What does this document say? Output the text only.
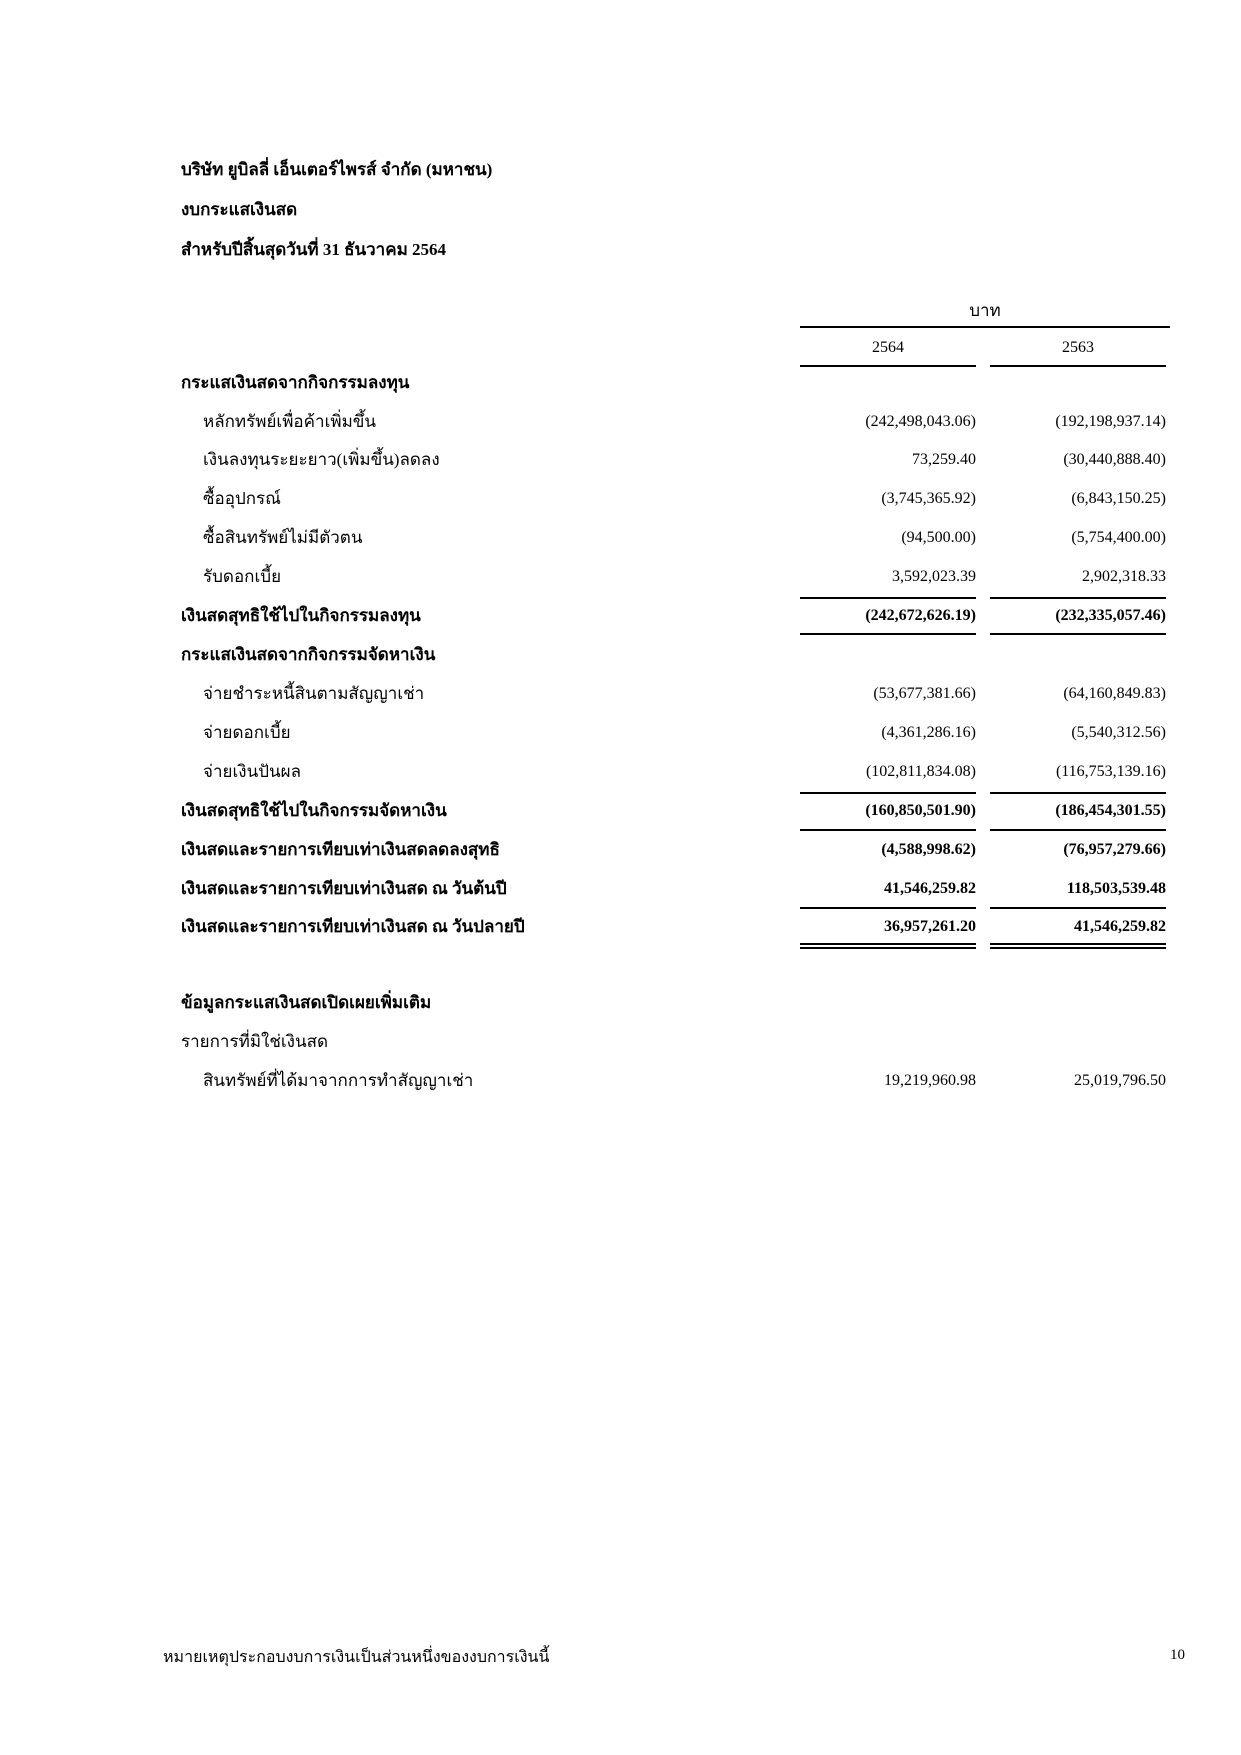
บริษัท ยูบิลลี่ เอ็นเตอร์ไพรส์ จำกัด (มหาชน)
งบกระแสเงินสด
สำหรับปีสิ้นสุดวันที่ 31 ธันวาคม 2564
บาท
2564	2563
กระแสเงินสดจากกิจกรรมลงทุน
หลักทรัพย์เพื่อค้าเพิ่มขึ้น	(242,498,043.06)	(192,198,937.14)
เงินลงทุนระยะยาว(เพิ่มขึ้น)ลดลง	73,259.40	(30,440,888.40)
ซื้ออุปกรณ์	(3,745,365.92)	(6,843,150.25)
ซื้อสินทรัพย์ไม่มีตัวตน	(94,500.00)	(5,754,400.00)
รับดอกเบี้ย	3,592,023.39	2,902,318.33
เงินสดสุทธิใช้ไปในกิจกรรมลงทุน	(242,672,626.19)	(232,335,057.46)
กระแสเงินสดจากกิจกรรมจัดหาเงิน
จ่ายชำระหนี้สินตามสัญญาเช่า	(53,677,381.66)	(64,160,849.83)
จ่ายดอกเบี้ย	(4,361,286.16)	(5,540,312.56)
จ่ายเงินปันผล	(102,811,834.08)	(116,753,139.16)
เงินสดสุทธิใช้ไปในกิจกรรมจัดหาเงิน	(160,850,501.90)	(186,454,301.55)
เงินสดและรายการเทียบเท่าเงินสดลดลงสุทธิ	(4,588,998.62)	(76,957,279.66)
เงินสดและรายการเทียบเท่าเงินสด ณ วันต้นปี	41,546,259.82	118,503,539.48
เงินสดและรายการเทียบเท่าเงินสด ณ วันปลายปี	36,957,261.20	41,546,259.82
ข้อมูลกระแสเงินสดเปิดเผยเพิ่มเติม
รายการที่มิใช่เงินสด
สินทรัพย์ที่ได้มาจากการทำสัญญาเช่า	19,219,960.98	25,019,796.50
หมายเหตุประกอบงบการเงินเป็นส่วนหนึ่งของงบการเงินนี้	10
